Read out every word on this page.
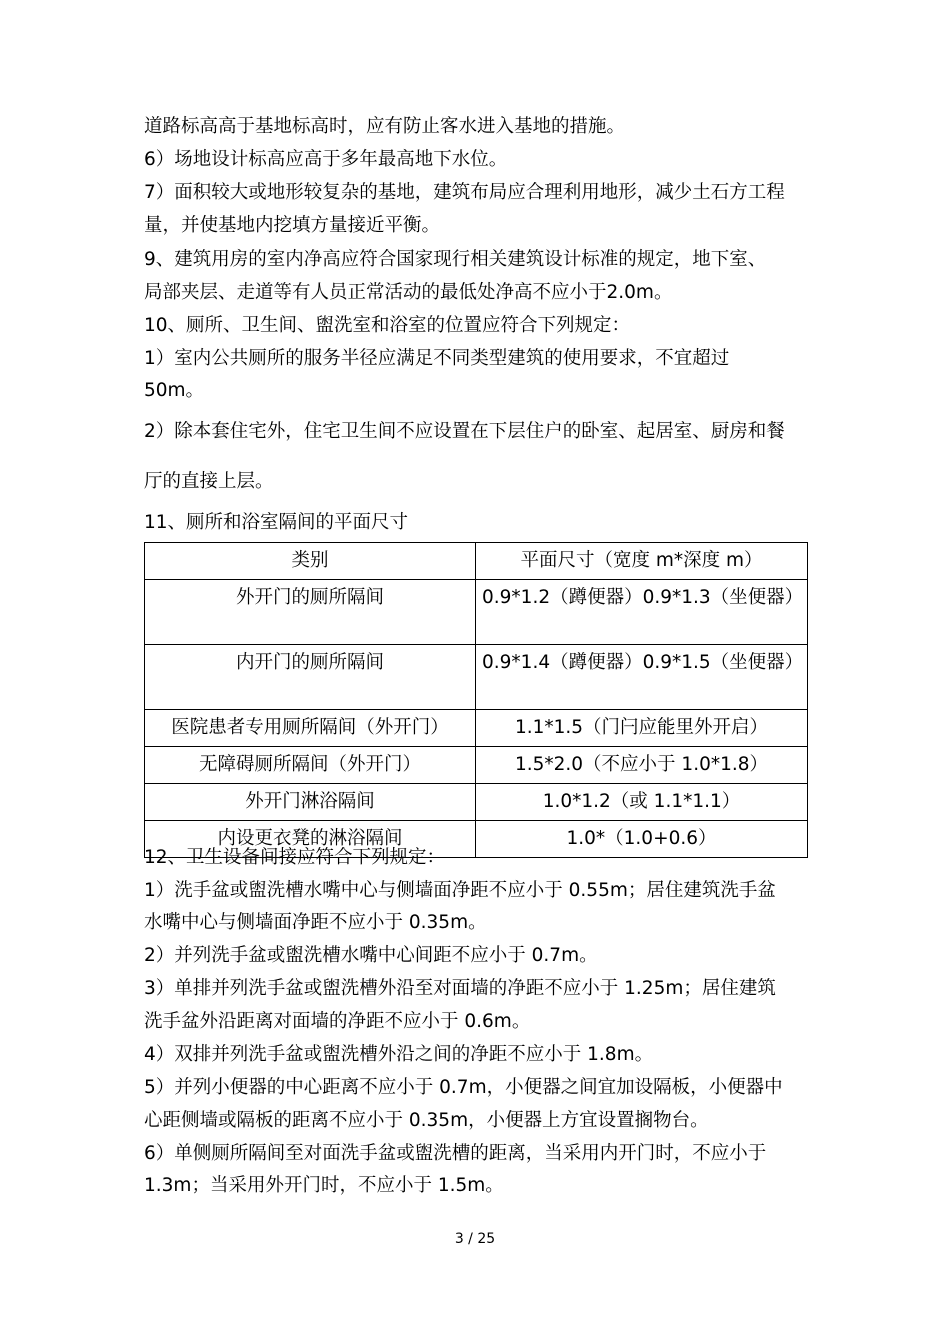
道路标高高于基地标高时，应有防止客水进入基地的措施。
6）场地设计标高应高于多年最高地下水位。
7）面积较大或地形较复杂的基地，建筑布局应合理利用地形，减少土石方工程
量，并使基地内挖填方量接近平衡。
9、建筑用房的室内净高应符合国家现行相关建筑设计标准的规定，地下室、
局部夹层、走道等有人员正常活动的最低处净高不应小于2.0m。
10、厕所、卫生间、盥洗室和浴室的位置应符合下列规定：
1）室内公共厕所的服务半径应满足不同类型建筑的使用要求，不宜超过
50m。
2）除本套住宅外，住宅卫生间不应设置在下层住户的卧室、起居室、厨房和餐
厅的直接上层。
11、厕所和浴室隔间的平面尺寸
类别	平面尺寸（宽度 m*深度 m）
外开门的厕所隔间	0.9*1.2（蹲便器）0.9*1.3（坐便器）
内开门的厕所隔间	0.9*1.4（蹲便器）0.9*1.5（坐便器）
医院患者专用厕所隔间（外开门）	1.1*1.5（门闩应能里外开启）
无障碍厕所隔间（外开门）	1.5*2.0（不应小于 1.0*1.8）
外开门淋浴隔间	1.0*1.2（或 1.1*1.1）
内设更衣凳的淋浴隔间	1.0*（1.0+0.6）
12、卫生设备间接应符合下列规定：
1）洗手盆或盥洗槽水嘴中心与侧墙面净距不应小于 0.55m；居住建筑洗手盆
水嘴中心与侧墙面净距不应小于 0.35m。
2）并列洗手盆或盥洗槽水嘴中心间距不应小于 0.7m。
3）单排并列洗手盆或盥洗槽外沿至对面墙的净距不应小于 1.25m；居住建筑
洗手盆外沿距离对面墙的净距不应小于 0.6m。
4）双排并列洗手盆或盥洗槽外沿之间的净距不应小于 1.8m。
5）并列小便器的中心距离不应小于 0.7m，小便器之间宜加设隔板，小便器中
心距侧墙或隔板的距离不应小于 0.35m，小便器上方宜设置搁物台。
6）单侧厕所隔间至对面洗手盆或盥洗槽的距离，当采用内开门时，不应小于
1.3m；当采用外开门时，不应小于 1.5m。
3 / 25
